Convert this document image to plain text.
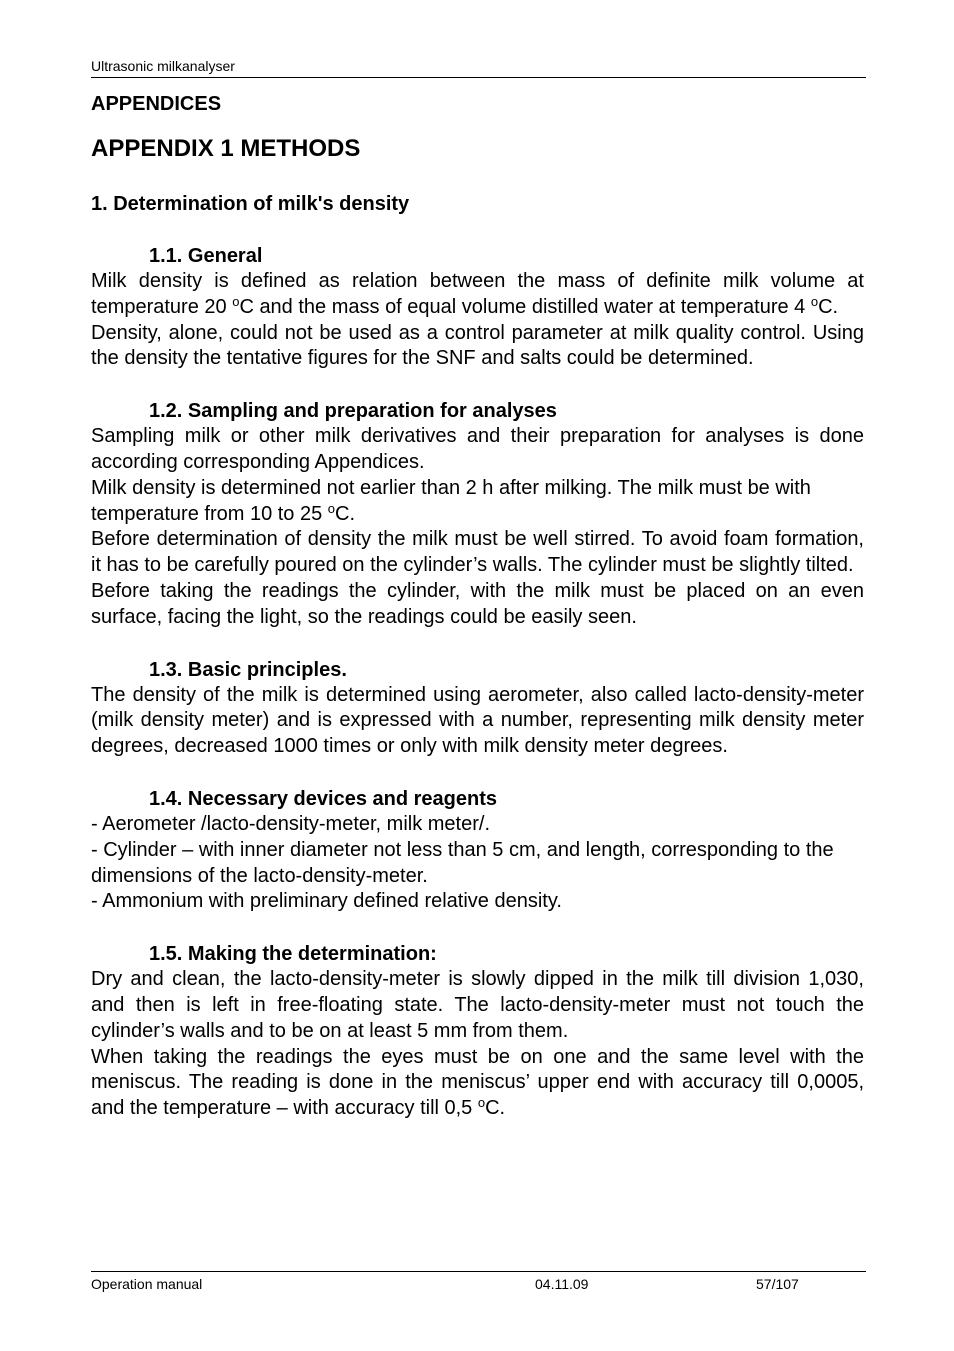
Ultrasonic milkanalyser
APPENDICES
APPENDIX 1 METHODS
1. Determination of milk's density
1.1. General

Milk density is defined as relation between the mass of definite milk volume at temperature 20 $^o$C and the mass of equal volume distilled water at temperature 4 $^o$C.

Density, alone, could not be used as a control parameter at milk quality control. Using the density the tentative figures for the SNF and salts could be determined.

1.2. Sampling and preparation for analyses

Sampling milk or other milk derivatives and their preparation for analyses is done according corresponding Appendices.

Milk density is determined not earlier than 2 h after milking. The milk must be with temperature from 10 to 25 $^o$C.

Before determination of density the milk must be well stirred. To avoid foam formation, it has to be carefully poured on the cylinder’s walls. The cylinder must be slightly tilted.

Before taking the readings the cylinder, with the milk must be placed on an even surface, facing the light, so the readings could be easily seen.

1.3. Basic principles.

The density of the milk is determined using aerometer, also called lacto-density-meter (milk density meter) and is expressed with a number, representing milk density meter degrees, decreased 1000 times or only with milk density meter degrees.

1.4. Necessary devices and reagents

- Aerometer /lacto-density-meter, milk meter/.

- Cylinder – with inner diameter not less than 5 cm, and length, corresponding to the dimensions of the lacto-density-meter.

- Ammonium with preliminary defined relative density.

1.5. Making the determination:

Dry and clean, the lacto-density-meter is slowly dipped in the milk till division 1,030, and then is left in free-floating state. The lacto-density-meter must not touch the cylinder’s walls and to be on at least 5 mm from them.

When taking the readings the eyes must be on one and the same level with the meniscus. The reading is done in the meniscus’ upper end with accuracy till 0,0005, and the temperature – with accuracy till 0,5 $^o$C.

Operation manual	04.11.09	57/107
